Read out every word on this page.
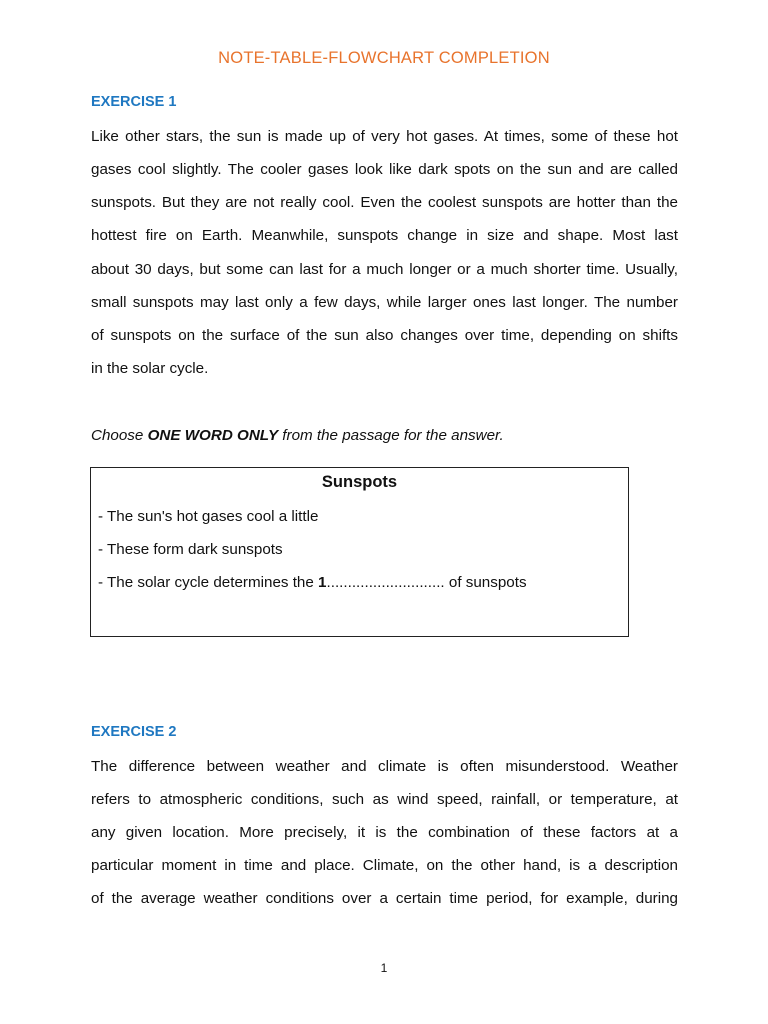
NOTE-TABLE-FLOWCHART COMPLETION
EXERCISE 1
Like other stars, the sun is made up of very hot gases. At times, some of these hot
gases cool slightly. The cooler gases look like dark spots on the sun and are called
sunspots. But they are not really cool. Even the coolest sunspots are hotter than the
hottest fire on Earth. Meanwhile, sunspots change in size and shape. Most last
about 30 days, but some can last for a much longer or a much shorter time. Usually,
small sunspots may last only a few days, while larger ones last longer. The number
of sunspots on the surface of the sun also changes over time, depending on shifts
in the solar cycle.
Choose ONE WORD ONLY from the passage for the answer.
Sunspots
- The sun's hot gases cool a little
- These form dark sunspots
- The solar cycle determines the 1............................ of sunspots
EXERCISE 2
The difference between weather and climate is often misunderstood. Weather
refers to atmospheric conditions, such as wind speed, rainfall, or temperature, at
any given location. More precisely, it is the combination of these factors at a
particular moment in time and place. Climate, on the other hand, is a description
of the average weather conditions over a certain time period, for example, during
1
